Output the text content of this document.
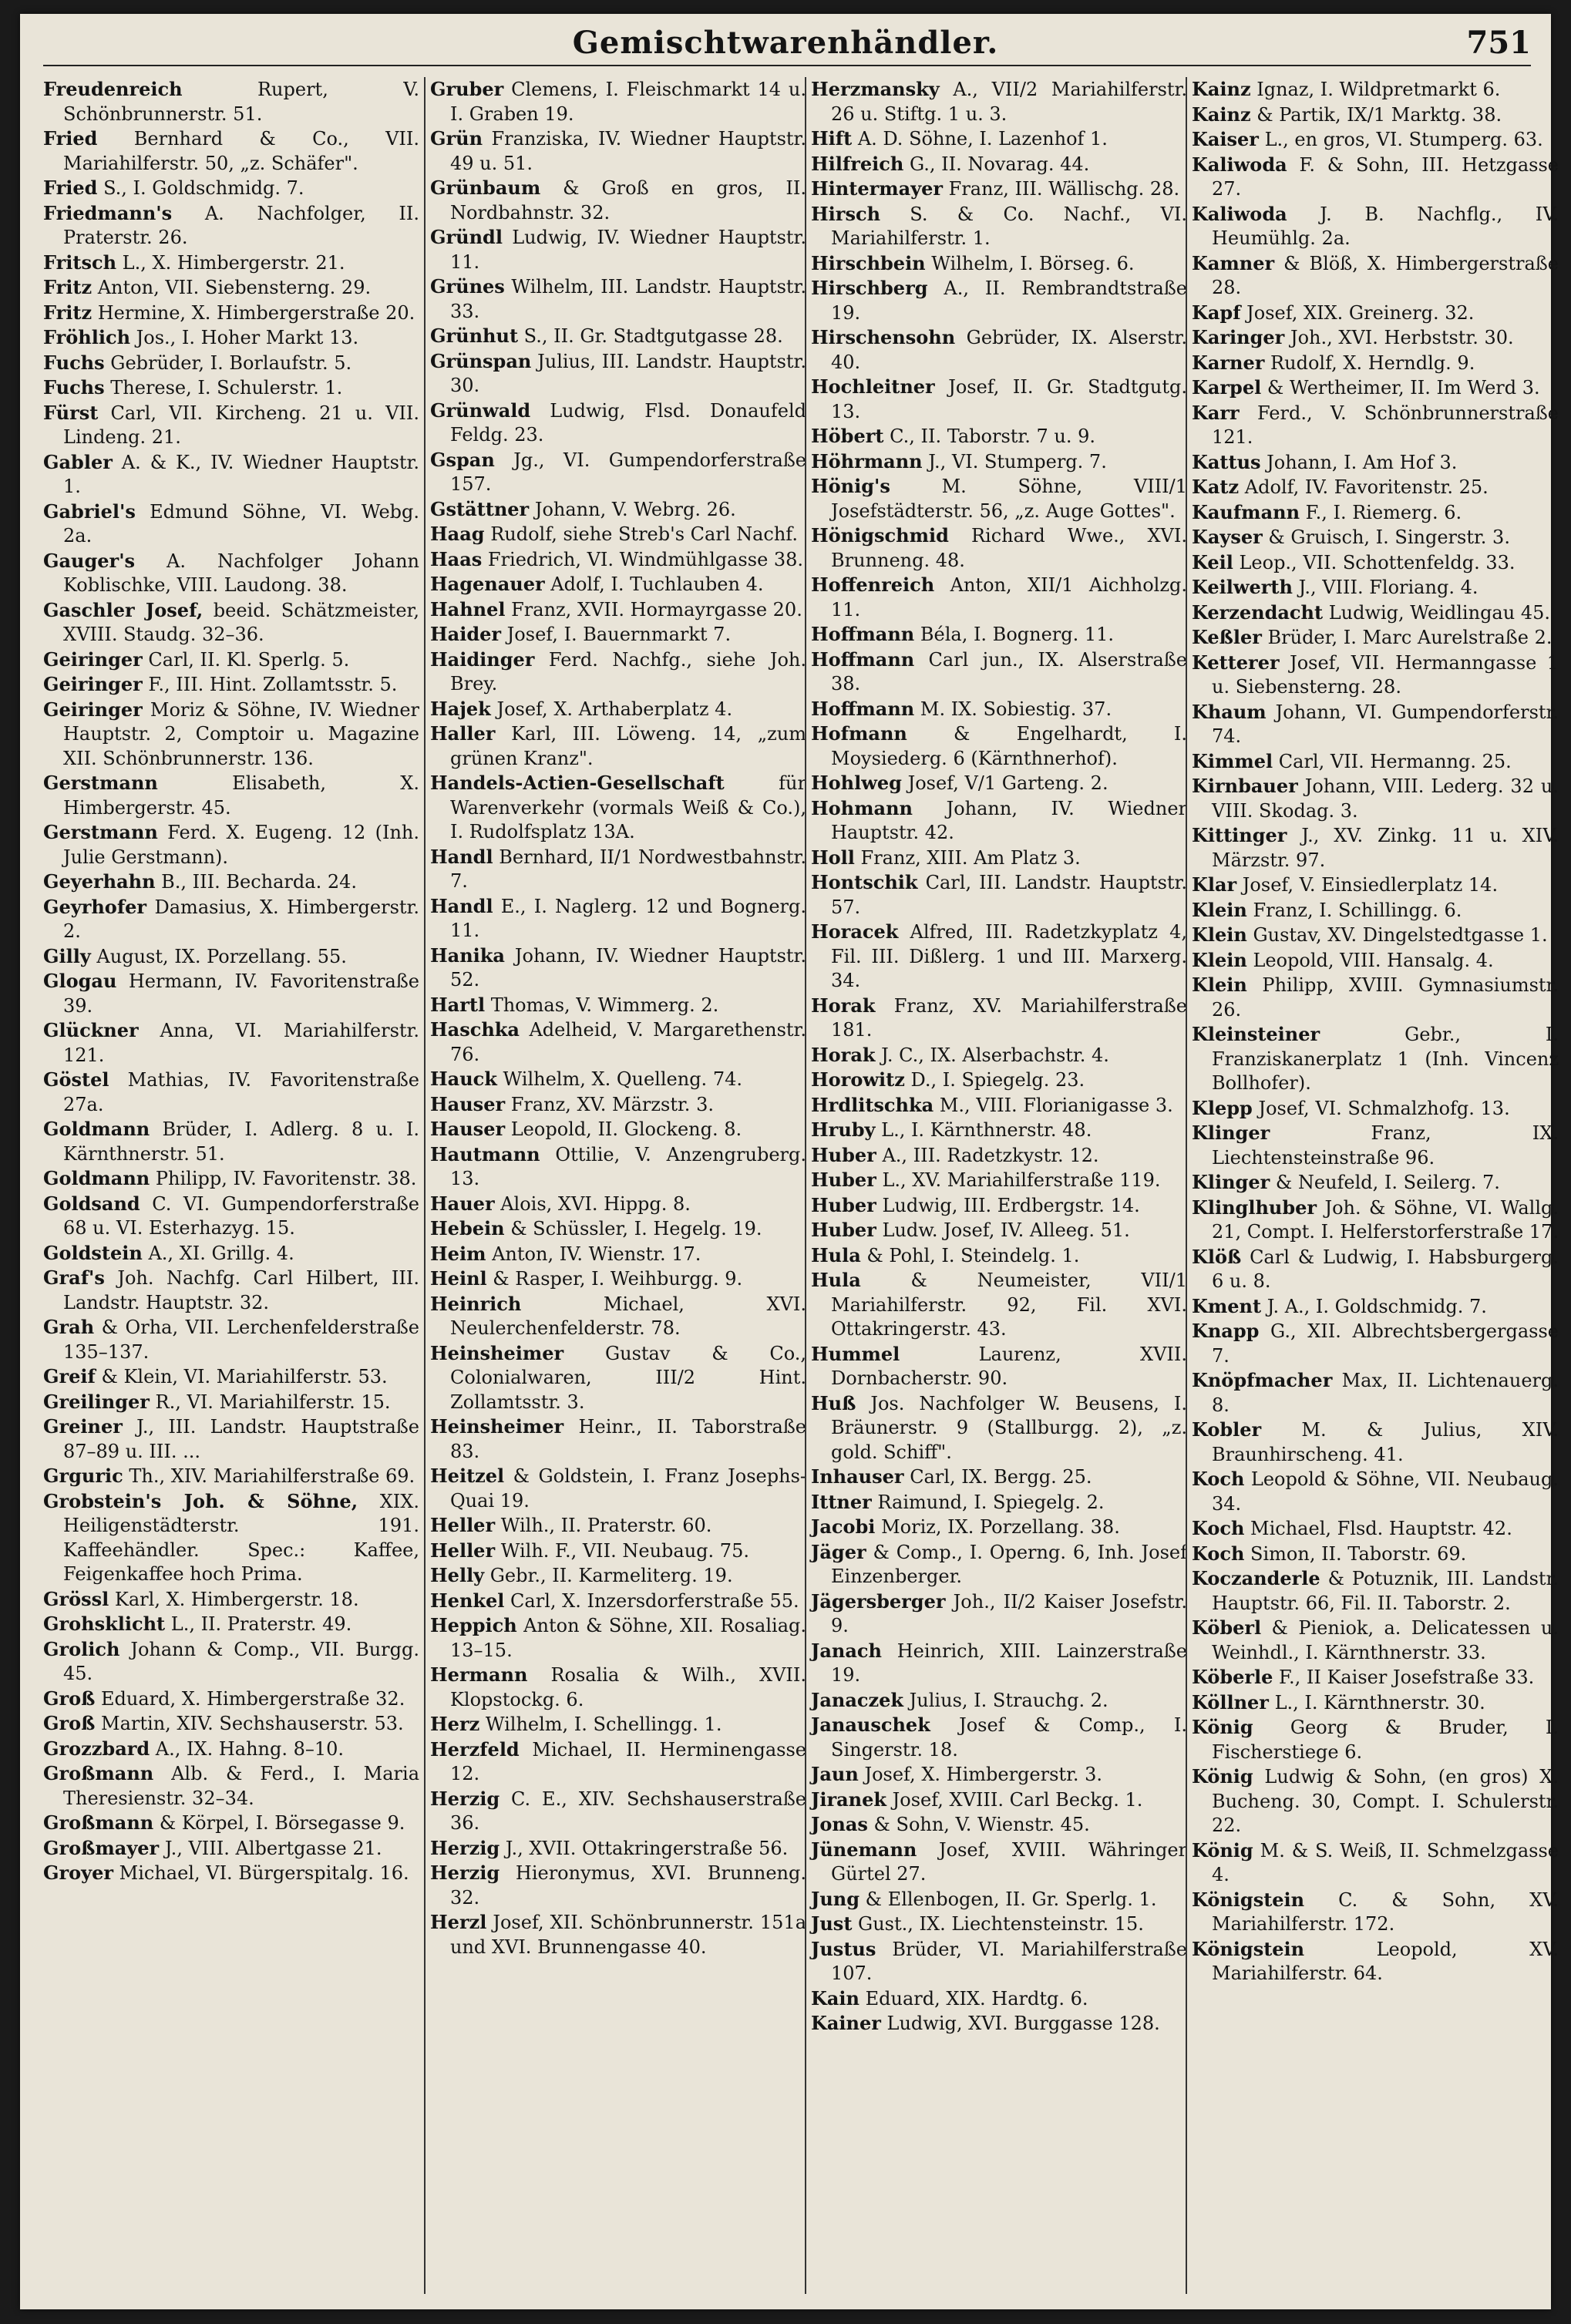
Gemischtwarenhändler.	751

Freudenreich Rupert, V. Schönbrunnerstr. 51.

Fried Bernhard & Co., VII. Mariahilferstr. 50, „z. Schäfer".

Fried S., I. Goldschmidg. 7.

Friedmann's A. Nachfolger, II. Praterstr. 26.

Fritsch L., X. Himbergerstr. 21.

Fritz Anton, VII. Siebensterng. 29.

Fritz Hermine, X. Himbergerstraße 20.

Fröhlich Jos., I. Hoher Markt 13.

Fuchs Gebrüder, I. Borlaufstr. 5.

Fuchs Therese, I. Schulerstr. 1.

Fürst Carl, VII. Kircheng. 21 u. VII. Lindeng. 21.

Gabler A. & K., IV. Wiedner Hauptstr. 1.

Gabriel's Edmund Söhne, VI. Webg. 2a.

Gauger's A. Nachfolger Johann Koblischke, VIII. Laudong. 38.

Gaschler Josef, beeid. Schätzmeister, XVIII. Staudg. 32–36.

Geiringer Carl, II. Kl. Sperlg. 5.

Geiringer F., III. Hint. Zollamtsstr. 5.

Geiringer Moriz & Söhne, IV. Wiedner Hauptstr. 2, Comptoir u. Magazine XII. Schönbrunnerstr. 136.

Gerstmann Elisabeth, X. Himbergerstr. 45.

Gerstmann Ferd. X. Eugeng. 12 (Inh. Julie Gerstmann).

Geyerhahn B., III. Becharda. 24.

Geyrhofer Damasius, X. Himbergerstr. 2.

Gilly August, IX. Porzellang. 55.

Glogau Hermann, IV. Favoritenstraße 39.

Glückner Anna, VI. Mariahilferstr. 121.

Göstel Mathias, IV. Favoritenstraße 27a.

Goldmann Brüder, I. Adlerg. 8 u. I. Kärnthnerstr. 51.

Goldmann Philipp, IV. Favoritenstr. 38.

Goldsand C. VI. Gumpendorferstraße 68 u. VI. Esterhazyg. 15.

Goldstein A., XI. Grillg. 4.

Graf's Joh. Nachfg. Carl Hilbert, III. Landstr. Hauptstr. 32.

Grah & Orha, VII. Lerchenfelderstraße 135–137.

Greif & Klein, VI. Mariahilferstr. 53.

Greilinger R., VI. Mariahilferstr. 15.

Greiner J., III. Landstr. Hauptstraße 87–89 u. III. ...

Grguric Th., XIV. Mariahilferstraße 69.

Grobstein's Joh. & Söhne, XIX. Heiligenstädterstr. 191. Kaffeehändler. Spec.: Kaffee, Feigenkaffee hoch Prima.

Grössl Karl, X. Himbergerstr. 18.

Grohsklicht L., II. Praterstr. 49.

Grolich Johann & Comp., VII. Burgg. 45.

Groß Eduard, X. Himbergerstraße 32.

Groß Martin, XIV. Sechshauserstr. 53.

Grozzbard A., IX. Hahng. 8–10.

Großmann Alb. & Ferd., I. Maria Theresienstr. 32–34.

Großmann & Körpel, I. Börsegasse 9.

Großmayer J., VIII. Albertgasse 21.

Groyer Michael, VI. Bürgerspitalg. 16.

Gruber Clemens, I. Fleischmarkt 14 u. I. Graben 19.

Grün Franziska, IV. Wiedner Hauptstr. 49 u. 51.

Grünbaum & Groß en gros, II. Nordbahnstr. 32.

Gründl Ludwig, IV. Wiedner Hauptstr. 11.

Grünes Wilhelm, III. Landstr. Hauptstr. 33.

Grünhut S., II. Gr. Stadtgutgasse 28.

Grünspan Julius, III. Landstr. Hauptstr. 30.

Grünwald Ludwig, Flsd. Donaufeld Feldg. 23.

Gspan Jg., VI. Gumpendorferstraße 157.

Gstättner Johann, V. Webrg. 26.

Haag Rudolf, siehe Streb's Carl Nachf.

Haas Friedrich, VI. Windmühlgasse 38.

Hagenauer Adolf, I. Tuchlauben 4.

Hahnel Franz, XVII. Hormayrgasse 20.

Haider Josef, I. Bauernmarkt 7.

Haidinger Ferd. Nachfg., siehe Joh. Brey.

Hajek Josef, X. Arthaberplatz 4.

Haller Karl, III. Löweng. 14, „zum grünen Kranz".

Handels-Actien-Gesellschaft für Warenverkehr (vormals Weiß & Co.), I. Rudolfsplatz 13A.

Handl Bernhard, II/1 Nordwestbahnstr. 7.

Handl E., I. Naglerg. 12 und Bognerg. 11.

Hanika Johann, IV. Wiedner Hauptstr. 52.

Hartl Thomas, V. Wimmerg. 2.

Haschka Adelheid, V. Margarethenstr. 76.

Hauck Wilhelm, X. Quelleng. 74.

Hauser Franz, XV. Märzstr. 3.

Hauser Leopold, II. Glockeng. 8.

Hautmann Ottilie, V. Anzengruberg. 13.

Hauer Alois, XVI. Hippg. 8.

Hebein & Schüssler, I. Hegelg. 19.

Heim Anton, IV. Wienstr. 17.

Heinl & Rasper, I. Weihburgg. 9.

Heinrich Michael, XVI. Neulerchenfelderstr. 78.

Heinsheimer Gustav & Co., Colonialwaren, III/2 Hint. Zollamtsstr. 3.

Heinsheimer Heinr., II. Taborstraße 83.

Heitzel & Goldstein, I. Franz Josephs-Quai 19.

Heller Wilh., II. Praterstr. 60.

Heller Wilh. F., VII. Neubaug. 75.

Helly Gebr., II. Karmeliterg. 19.

Henkel Carl, X. Inzersdorferstraße 55.

Heppich Anton & Söhne, XII. Rosaliag. 13–15.

Hermann Rosalia & Wilh., XVII. Klopstockg. 6.

Herz Wilhelm, I. Schellingg. 1.

Herzfeld Michael, II. Herminengasse 12.

Herzig C. E., XIV. Sechshauserstraße 36.

Herzig J., XVII. Ottakringerstraße 56.

Herzig Hieronymus, XVI. Brunneng. 32.

Herzl Josef, XII. Schönbrunnerstr. 151a und XVI. Brunnengasse 40.

Herzmansky A., VII/2 Mariahilferstr. 26 u. Stiftg. 1 u. 3.

Hift A. D. Söhne, I. Lazenhof 1.

Hilfreich G., II. Novarag. 44.

Hintermayer Franz, III. Wällischg. 28.

Hirsch S. & Co. Nachf., VI. Mariahilferstr. 1.

Hirschbein Wilhelm, I. Börseg. 6.

Hirschberg A., II. Rembrandtstraße 19.

Hirschensohn Gebrüder, IX. Alserstr. 40.

Hochleitner Josef, II. Gr. Stadtgutg. 13.

Höbert C., II. Taborstr. 7 u. 9.

Höhrmann J., VI. Stumperg. 7.

Hönig's M. Söhne, VIII/1 Josefstädterstr. 56, „z. Auge Gottes".

Hönigschmid Richard Wwe., XVI. Brunneng. 48.

Hoffenreich Anton, XII/1 Aichholzg. 11.

Hoffmann Béla, I. Bognerg. 11.

Hoffmann Carl jun., IX. Alserstraße 38.

Hoffmann M. IX. Sobiestig. 37.

Hofmann & Engelhardt, I. Moysiederg. 6 (Kärnthnerhof).

Hohlweg Josef, V/1 Garteng. 2.

Hohmann Johann, IV. Wiedner Hauptstr. 42.

Holl Franz, XIII. Am Platz 3.

Hontschik Carl, III. Landstr. Hauptstr. 57.

Horacek Alfred, III. Radetzkyplatz 4, Fil. III. Dißlerg. 1 und III. Marxerg. 34.

Horak Franz, XV. Mariahilferstraße 181.

Horak J. C., IX. Alserbachstr. 4.

Horowitz D., I. Spiegelg. 23.

Hrdlitschka M., VIII. Florianigasse 3.

Hruby L., I. Kärnthnerstr. 48.

Huber A., III. Radetzkystr. 12.

Huber L., XV. Mariahilferstraße 119.

Huber Ludwig, III. Erdbergstr. 14.

Huber Ludw. Josef, IV. Alleeg. 51.

Hula & Pohl, I. Steindelg. 1.

Hula & Neumeister, VII/1 Mariahilferstr. 92, Fil. XVI. Ottakringerstr. 43.

Hummel Laurenz, XVII. Dornbacherstr. 90.

Huß Jos. Nachfolger W. Beusens, I. Bräunerstr. 9 (Stallburgg. 2), „z. gold. Schiff".

Inhauser Carl, IX. Bergg. 25.

Ittner Raimund, I. Spiegelg. 2.

Jacobi Moriz, IX. Porzellang. 38.

Jäger & Comp., I. Operng. 6, Inh. Josef Einzenberger.

Jägersberger Joh., II/2 Kaiser Josefstr. 9.

Janach Heinrich, XIII. Lainzerstraße 19.

Janaczek Julius, I. Strauchg. 2.

Janauschek Josef & Comp., I. Singerstr. 18.

Jaun Josef, X. Himbergerstr. 3.

Jiranek Josef, XVIII. Carl Beckg. 1.

Jonas & Sohn, V. Wienstr. 45.

Jünemann Josef, XVIII. Währinger Gürtel 27.

Jung & Ellenbogen, II. Gr. Sperlg. 1.

Just Gust., IX. Liechtensteinstr. 15.

Justus Brüder, VI. Mariahilferstraße 107.

Kain Eduard, XIX. Hardtg. 6.

Kainer Ludwig, XVI. Burggasse 128.

Kainz Ignaz, I. Wildpretmarkt 6.

Kainz & Partik, IX/1 Marktg. 38.

Kaiser L., en gros, VI. Stumperg. 63.

Kaliwoda F. & Sohn, III. Hetzgasse 27.

Kaliwoda J. B. Nachflg., IV. Heumühlg. 2a.

Kamner & Blöß, X. Himbergerstraße 28.

Kapf Josef, XIX. Greinerg. 32.

Karinger Joh., XVI. Herbststr. 30.

Karner Rudolf, X. Herndlg. 9.

Karpel & Wertheimer, II. Im Werd 3.

Karr Ferd., V. Schönbrunnerstraße 121.

Kattus Johann, I. Am Hof 3.

Katz Adolf, IV. Favoritenstr. 25.

Kaufmann F., I. Riemerg. 6.

Kayser & Gruisch, I. Singerstr. 3.

Keil Leop., VII. Schottenfeldg. 33.

Keilwerth J., VIII. Floriang. 4.

Kerzendacht Ludwig, Weidlingau 45.

Keßler Brüder, I. Marc Aurelstraße 2.

Ketterer Josef, VII. Hermanngasse 1 u. Siebensterng. 28.

Khaum Johann, VI. Gumpendorferstr. 74.

Kimmel Carl, VII. Hermanng. 25.

Kirnbauer Johann, VIII. Lederg. 32 u. VIII. Skodag. 3.

Kittinger J., XV. Zinkg. 11 u. XIV. Märzstr. 97.

Klar Josef, V. Einsiedlerplatz 14.

Klein Franz, I. Schillingg. 6.

Klein Gustav, XV. Dingelstedtgasse 1.

Klein Leopold, VIII. Hansalg. 4.

Klein Philipp, XVIII. Gymnasiumstr. 26.

Kleinsteiner Gebr., I. Franziskanerplatz 1 (Inh. Vincenz Bollhofer).

Klepp Josef, VI. Schmalzhofg. 13.

Klinger Franz, IX. Liechtensteinstraße 96.

Klinger & Neufeld, I. Seilerg. 7.

Klinglhuber Joh. & Söhne, VI. Wallg. 21, Compt. I. Helferstorferstraße 17.

Klöß Carl & Ludwig, I. Habsburgerg. 6 u. 8.

Kment J. A., I. Goldschmidg. 7.

Knapp G., XII. Albrechtsbergergasse 7.

Knöpfmacher Max, II. Lichtenauerg. 8.

Kobler M. & Julius, XIV. Braunhirscheng. 41.

Koch Leopold & Söhne, VII. Neubaug. 34.

Koch Michael, Flsd. Hauptstr. 42.

Koch Simon, II. Taborstr. 69.

Koczanderle & Potuznik, III. Landstr. Hauptstr. 66, Fil. II. Taborstr. 2.

Köberl & Pieniok, a. Delicatessen u. Weinhdl., I. Kärnthnerstr. 33.

Köberle F., II Kaiser Josefstraße 33.

Köllner L., I. Kärnthnerstr. 30.

König Georg & Bruder, I. Fischerstiege 6.

König Ludwig & Sohn, (en gros) X. Bucheng. 30, Compt. I. Schulerstr. 22.

König M. & S. Weiß, II. Schmelzgasse 4.

Königstein C. & Sohn, XV. Mariahilferstr. 172.

Königstein Leopold, XV. Mariahilferstr. 64.
